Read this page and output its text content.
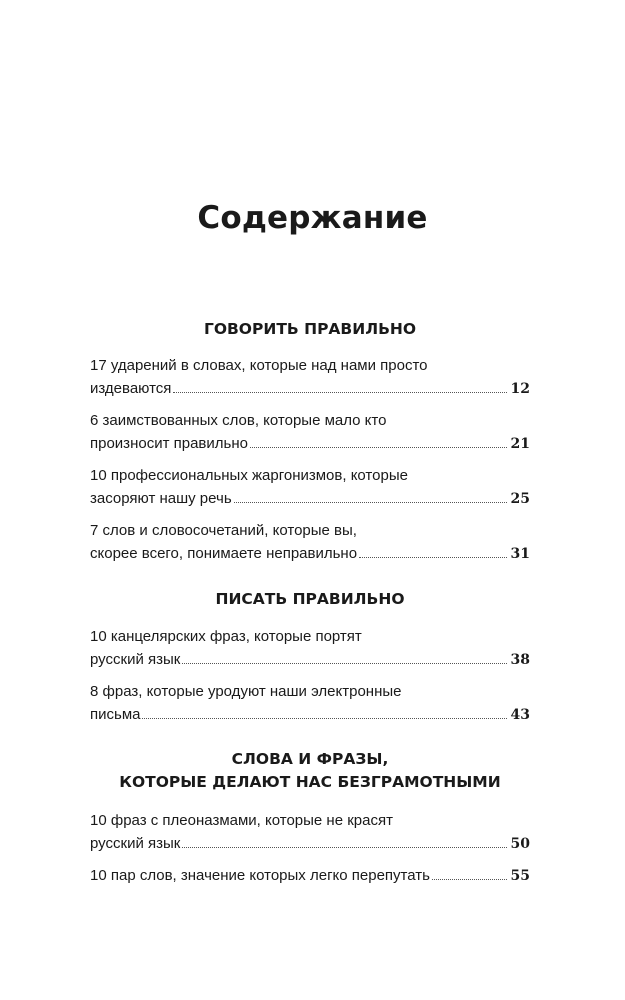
Содержание
ГОВОРИТЬ ПРАВИЛЬНО
17 ударений в словах, которые над нами просто
издеваются	12
6 заимствованных слов, которые мало кто
произносит правильно	21
10 профессиональных жаргонизмов, которые
засоряют нашу речь	25
7 слов и словосочетаний, которые вы,
скорее всего, понимаете неправильно	31
ПИСАТЬ ПРАВИЛЬНО
10 канцелярских фраз, которые портят
русский язык	38
8 фраз, которые уродуют наши электронные
письма	43
СЛОВА И ФРАЗЫ,
КОТОРЫЕ ДЕЛАЮТ НАС БЕЗГРАМОТНЫМИ
10 фраз с плеоназмами, которые не красят
русский язык	50
10 пар слов, значение которых легко перепутать	55
